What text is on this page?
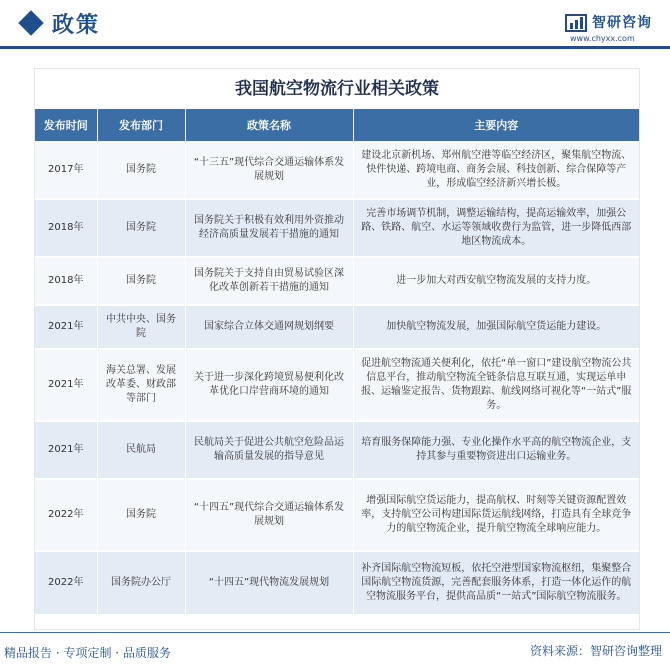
政策	智研咨询
www.chyxx.com
我国航空物流行业相关政策
发布时间	发布部门	政策名称	主要内容
2017年	国务院	“十三五”现代综合交通运输体系发展规划	建设北京新机场、郑州航空港等临空经济区，聚集航空物流、快件快递、跨境电商、商务会展、科技创新、综合保障等产业，形成临空经济新兴增长极。
2018年	国务院	国务院关于积极有效利用外资推动经济高质量发展若干措施的通知	完善市场调节机制，调整运输结构，提高运输效率，加强公路、铁路、航空、水运等领域收费行为监管，进一步降低西部地区物流成本。
2018年	国务院	国务院关于支持自由贸易试验区深化改革创新若干措施的通知	进一步加大对西安航空物流发展的支持力度。
2021年	中共中央、国务院	国家综合立体交通网规划纲要	加快航空物流发展，加强国际航空货运能力建设。
2021年	海关总署、发展改革委、财政部等部门	关于进一步深化跨境贸易便利化改革优化口岸营商环境的通知	促进航空物流通关便利化，依托“单一窗口”建设航空物流公共信息平台，推动航空物流全链条信息互联互通，实现运单申报、运输鉴定报告、货物跟踪、航线网络可视化等“一站式”服务。
2021年	民航局	民航局关于促进公共航空危险品运输高质量发展的指导意见	培育服务保障能力强、专业化操作水平高的航空物流企业，支持其参与重要物资进出口运输业务。
2022年	国务院	“十四五”现代综合交通运输体系发展规划	增强国际航空货运能力，提高航权、时刻等关键资源配置效率，支持航空公司构建国际货运航线网络，打造具有全球竞争力的航空物流企业，提升航空物流全球响应能力。
2022年	国务院办公厅	“十四五”现代物流发展规划	补齐国际航空物流短板，依托空港型国家物流枢纽，集聚整合国际航空物流货源，完善配套服务体系，打造一体化运作的航空物流服务平台，提供高品质“一站式”国际航空物流服务。
精品报告 · 专项定制 · 品质服务	资料来源：智研咨询整理
